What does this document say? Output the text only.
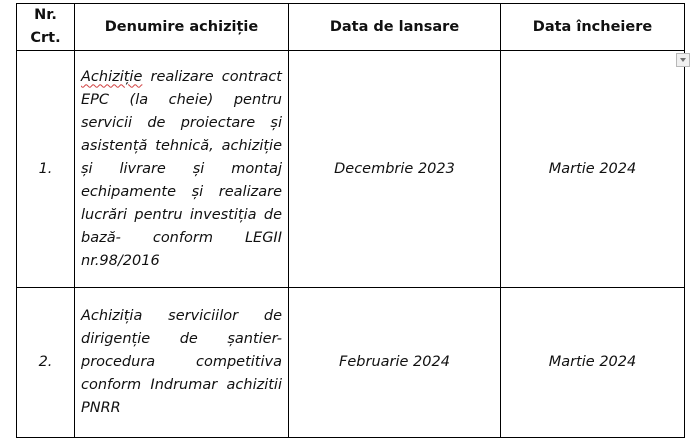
Nr. Crt.	Denumire achiziție	Data de lansare	Data încheiere
1.	Achiziție realizare contract EPC (la cheie) pentru servicii de proiectare și asistență tehnică, achiziție și livrare și montaj echipamente și realizare lucrări pentru investiția de bază- conform LEGII nr.98/2016	Decembrie 2023	Martie 2024
2.	Achiziția serviciilor de dirigenție de șantier- procedura competitiva conform Indrumar achizitii PNRR	Februarie 2024	Martie 2024
